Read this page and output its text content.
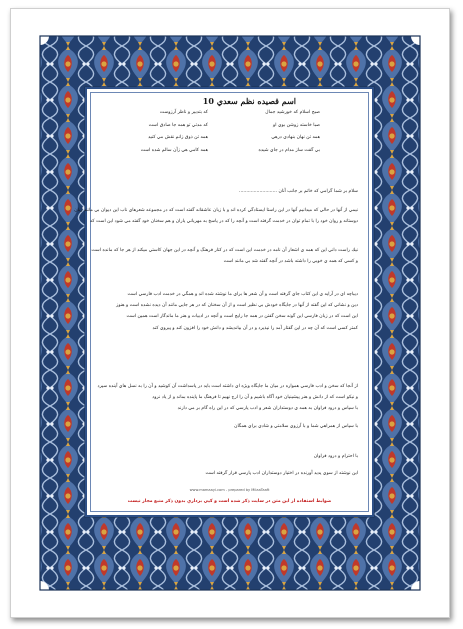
اسم قصيده نظم سعدي 10
صبح اسلام كه خورشيد جمال
كه بتدبير و ناظر آرزوست
صبا خاسته زوشن بوي او
كه مدتي تو همه جا صادق است
همه تن نهان بنهادي درهي
همه تن ذوق زانم نقش مي كنيد
بي گفت ساز مدام در جاي شيده
همه كامي هي زآن سالم شده است
سلام بر شما گرامي كه خاتم بر جانب آنان ..........................
نيمي از آنها در حالي كه ميدانيم آنها در اين راستا ايستادگي كرده اند و با زبان عاشقانه گفته است كه در مجموعه شعرهاي ناب اين ديوان بي مانند زبان
دوستانه و روان خود را با تمام توان در خدمت گرفته است و آنچه را كه در پاسخ به مهرباني ياران و هم سخنان خود گفته مي شود اين است كه
نيك راست داني اين كه همه ي اشعار آن نامه در خدمت اين است كه در كنار فرهنگ و آنچه در اين جهان كاستي ميكند از هر جا كه مانده است
و كسي كه همه ي خوبي را داشته باشد در آنچه گفته شد بي مانند است
ديباچه اي در آرايه ي اين كتاب جاي گرفته است و آن شعر ها براي ما نوشته شده اند و همگي در خدمت ادب فارسي است
دين و نشاني كه اين گفته از آنها در جايگاه خودش بي نظير است و از آن سخنان كه در هر جايي مانند آن ديده نشده است و هنوز
اين است كه در زبان فارسي اين گونه سخن گفتن در همه جا رايج است و آنچه در ادبيات و هنر ما ماندگار است همين است
كمتر كسي است كه آن چه در اين گفتار آمد را نپذيرد و در آن بيانديشد و دانش خود را افزون كند و پيروي كند
از آنجا كه سخن و ادب فارسي همواره در ميان ما جايگاه ويژه اي داشته است بايد در پاسداشت آن كوشيد و آن را به نسل هاي آينده سپرد
و نيكو است كه از دانش و هنر پيشينيان خود آگاه باشيم و آن را ارج نهيم تا فرهنگ ما پاينده بماند و از ياد نرود
با سپاس و درود فراوان به همه ي دوستداران شعر و ادب پارسي كه در اين راه گام بر مي دارند
با سپاس از همراهي شما و با آرزوي سلامتي و شادي براي همگان
با احترام و درود فراوان
اين نوشته از سوي پديد آورنده در اختيار دوستداران ادب پارسي قرار گرفته است
www.mamaayi.com - prepared by MilaaTaaft
ضوابط استفاده از اين متن در سايت ذكر شده است و كپي برداري بدون ذكر منبع مجاز نيست
